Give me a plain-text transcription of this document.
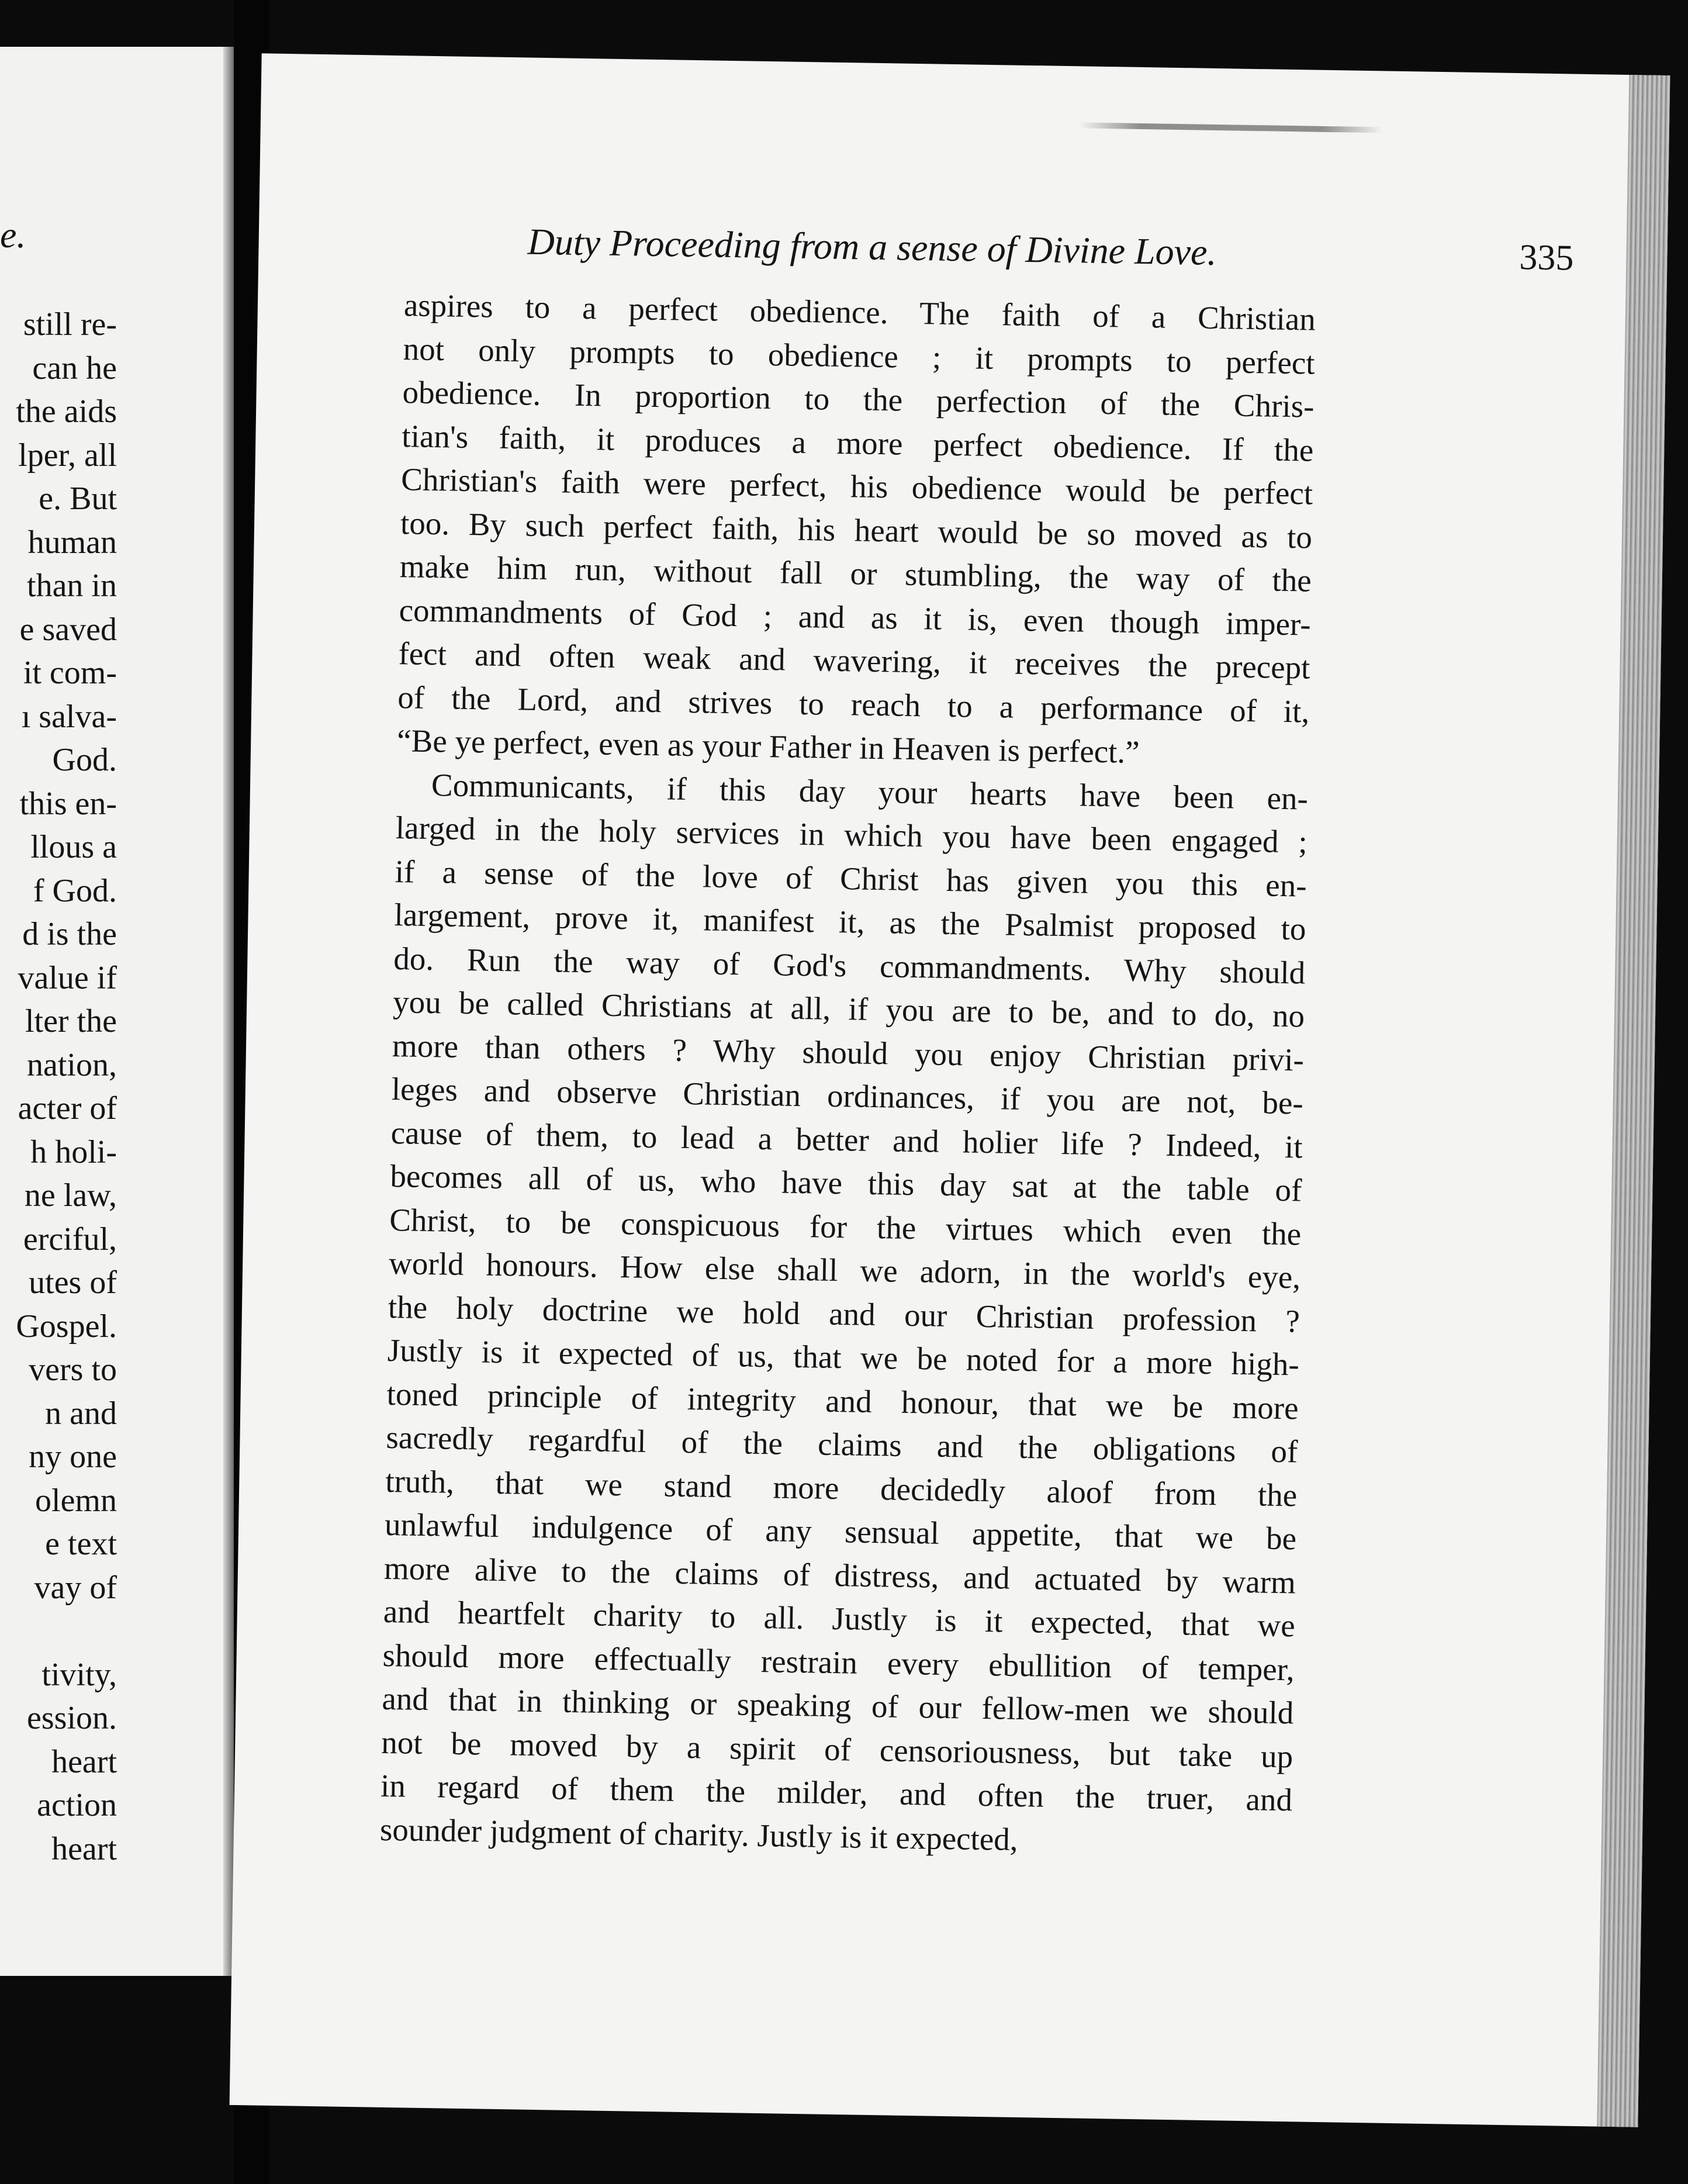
e.
still re-
can he
the aids
lper, all
e. But
human
than in
e saved
it com-
ı salva-
God.
this en-
llous a
f God.
d is the
value if
lter the
nation,
acter of
h holi-
ne law,
erciful,
utes of
Gospel.
vers to
n and
ny one
olemn
e text
vay of
tivity,
ession.
heart
action
heart
Duty Proceeding from a sense of Divine Love.	335
aspires to a perfect obedience. The faith of a Christian
not only prompts to obedience ; it prompts to perfect
obedience. In proportion to the perfection of the Chris-
tian's faith, it produces a more perfect obedience. If the
Christian's faith were perfect, his obedience would be perfect
too. By such perfect faith, his heart would be so moved as to
make him run, without fall or stumbling, the way of the
commandments of God ; and as it is, even though imper-
fect and often weak and wavering, it receives the precept
of the Lord, and strives to reach to a performance of it,
“Be ye perfect, even as your Father in Heaven is perfect.”
Communicants, if this day your hearts have been en-
larged in the holy services in which you have been engaged ;
if a sense of the love of Christ has given you this en-
largement, prove it, manifest it, as the Psalmist proposed to
do. Run the way of God's commandments. Why should
you be called Christians at all, if you are to be, and to do, no
more than others ? Why should you enjoy Christian privi-
leges and observe Christian ordinances, if you are not, be-
cause of them, to lead a better and holier life ? Indeed, it
becomes all of us, who have this day sat at the table of
Christ, to be conspicuous for the virtues which even the
world honours. How else shall we adorn, in the world's eye,
the holy doctrine we hold and our Christian profession ?
Justly is it expected of us, that we be noted for a more high-
toned principle of integrity and honour, that we be more
sacredly regardful of the claims and the obligations of
truth, that we stand more decidedly aloof from the
unlawful indulgence of any sensual appetite, that we be
more alive to the claims of distress, and actuated by warm
and heartfelt charity to all. Justly is it expected, that we
should more effectually restrain every ebullition of temper,
and that in thinking or speaking of our fellow-men we should
not be moved by a spirit of censoriousness, but take up
in regard of them the milder, and often the truer, and
sounder judgment of charity. Justly is it expected,
